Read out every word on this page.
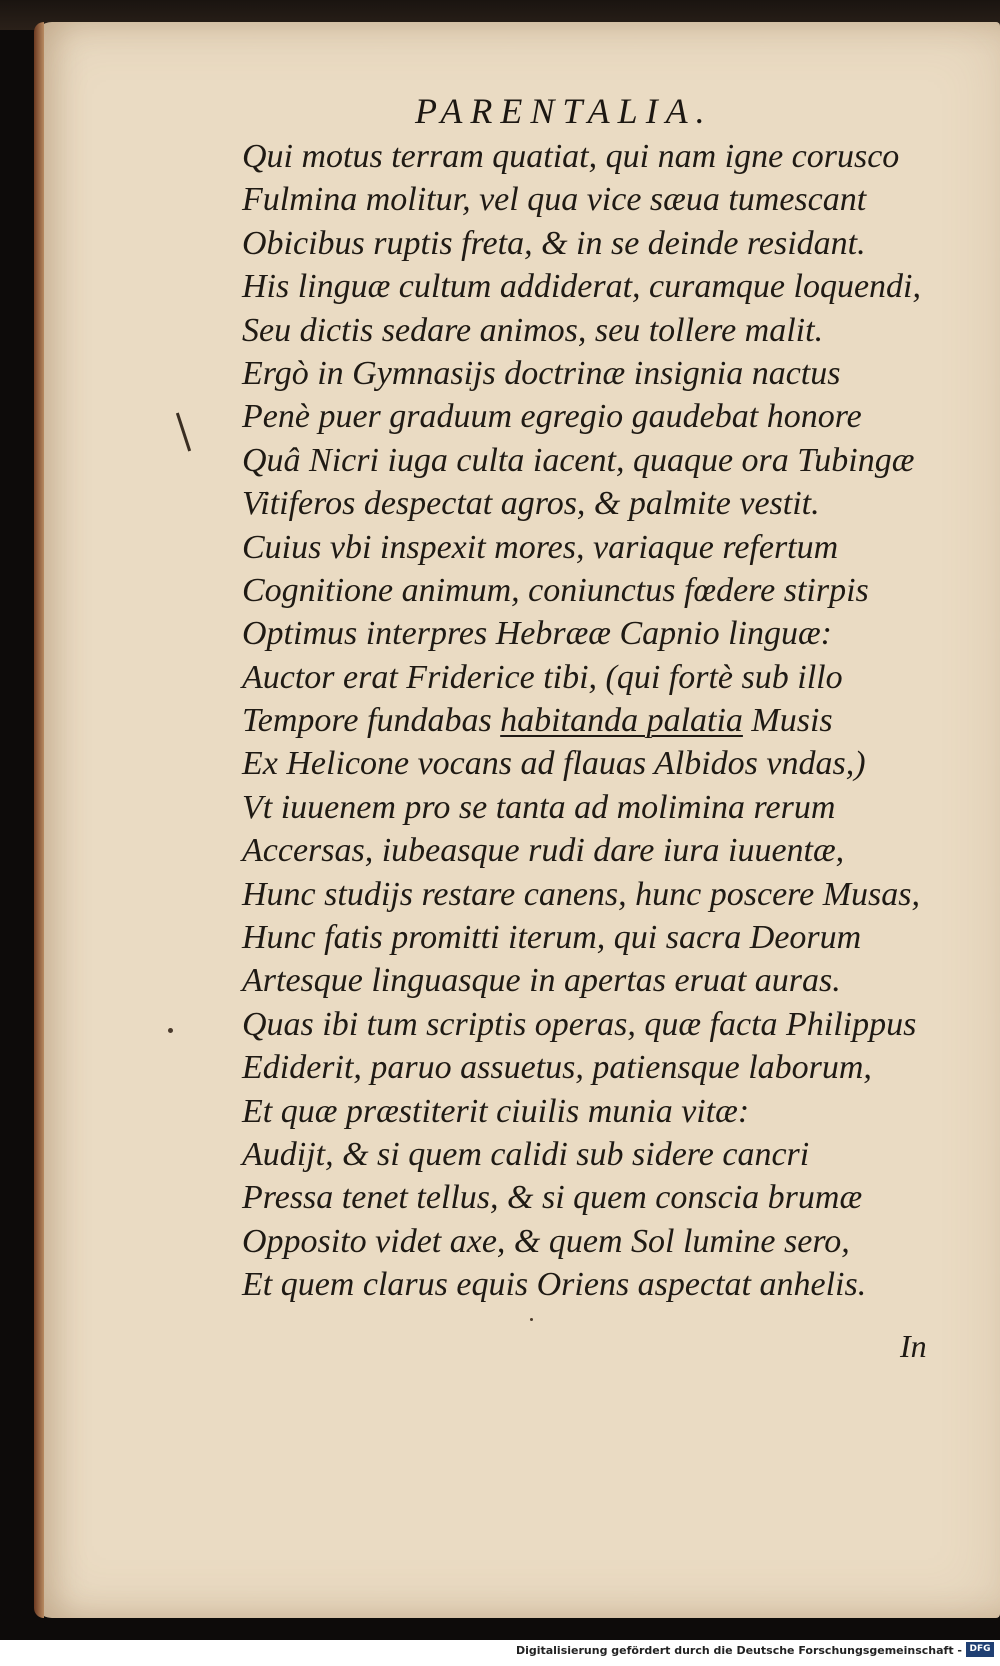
PARENTALIA.
Qui motus terram quatiat, qui nam igne corusco
Fulmina molitur, vel qua vice sæua tumescant
Obicibus ruptis freta, & in se deinde residant.
His linguæ cultum addiderat, curamque loquendi,
Seu dictis sedare animos, seu tollere malit.
Ergò in Gymnasijs doctrinæ insignia nactus
Penè puer graduum egregio gaudebat honore
Quâ Nicri iuga culta iacent, quaque ora Tubingæ
Vitiferos despectat agros, & palmite vestit.
Cuius vbi inspexit mores, variaque refertum
Cognitione animum, coniunctus fœdere stirpis
Optimus interpres Hebrææ Capnio linguæ:
Auctor erat Friderice tibi, (qui fortè sub illo
Tempore fundabas habitanda palatia Musis
Ex Helicone vocans ad flauas Albidos vndas,)
Vt iuuenem pro se tanta ad molimina rerum
Accersas, iubeasque rudi dare iura iuuentæ,
Hunc studijs restare canens, hunc poscere Musas,
Hunc fatis promitti iterum, qui sacra Deorum
Artesque linguasque in apertas eruat auras.
Quas ibi tum scriptis operas, quæ facta Philippus
Ediderit, paruo assuetus, patiensque laborum,
Et quæ præstiterit ciuilis munia vitæ:
Audijt, & si quem calidi sub sidere cancri
Pressa tenet tellus, & si quem conscia brumæ
Opposito videt axe, & quem Sol lumine sero,
Et quem clarus equis Oriens aspectat anhelis.
In
Digitalisierung gefördert durch die Deutsche Forschungsgemeinschaft - DFG
